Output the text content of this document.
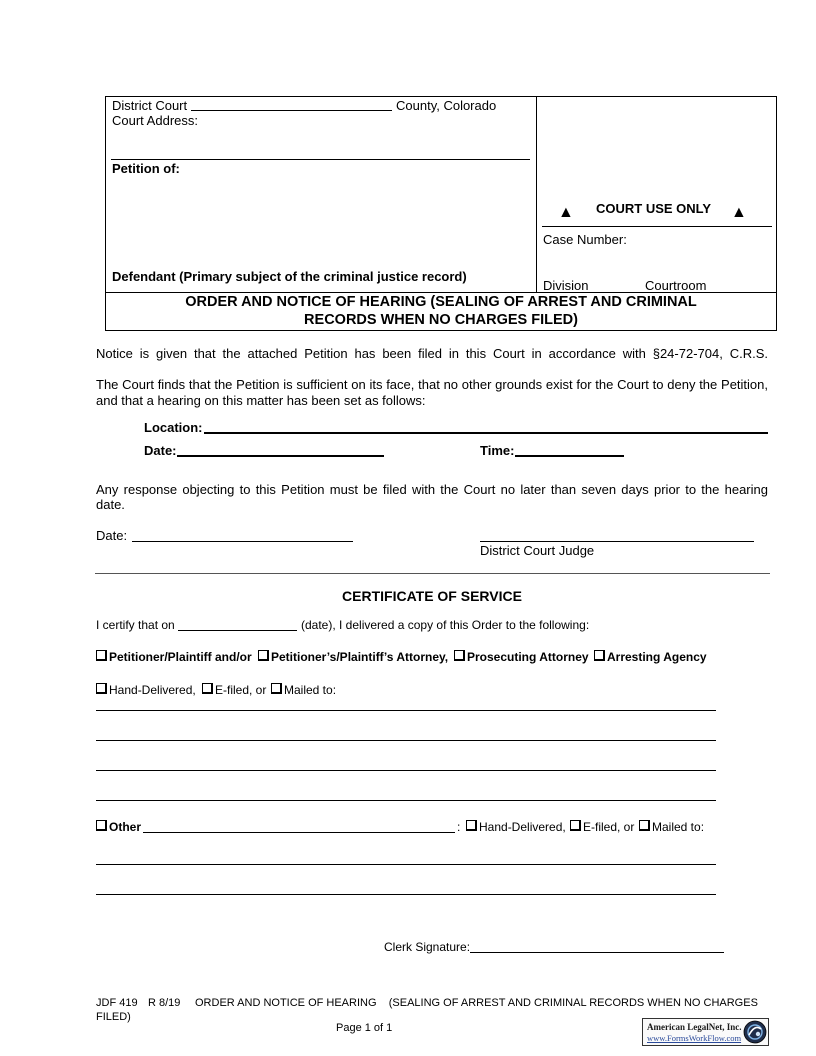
District Court	County, Colorado
Court Address:
Petition of:
Defendant (Primary subject of the criminal justice record)
▲ COURT USE ONLY ▲
Case Number:
Division	Courtroom
ORDER AND NOTICE OF HEARING (SEALING OF ARREST AND CRIMINAL
RECORDS WHEN NO CHARGES FILED)
Notice is given that the attached Petition has been filed in this Court in accordance with §24-72-704, C.R.S.
The Court finds that the Petition is sufficient on its face, that no other grounds exist for the Court to deny the Petition,
and that a hearing on this matter has been set as follows:
Location:
Date:	Time:
Any response objecting to this Petition must be filed with the Court no later than seven days prior to the hearing
date.
Date:
District Court Judge
CERTIFICATE OF SERVICE
I certify that on	(date), I delivered a copy of this Order to the following:
Petitioner/Plaintiff and/or	Petitioner’s/Plaintiff’s Attorney,	Prosecuting Attorney	Arresting Agency
Hand-Delivered,	E-filed, or	Mailed to:
Other	:	Hand-Delivered,	E-filed, or	Mailed to:
Clerk Signature:
JDF 419 R 8/19 ORDER AND NOTICE OF HEARING    (SEALING OF ARREST AND CRIMINAL RECORDS WHEN NO CHARGES
FILED)
Page 1 of 1	American LegalNet, Inc.
www.FormsWorkFlow.com
